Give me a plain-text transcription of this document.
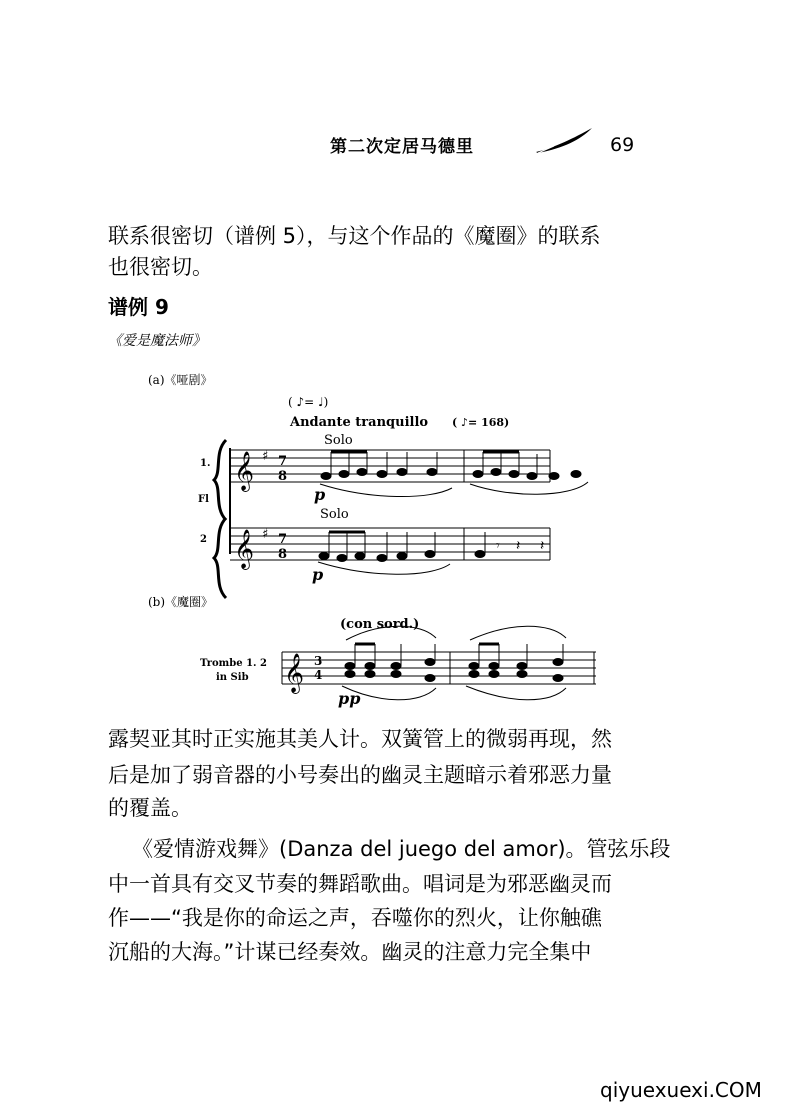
第二次定居马德里	69
联系很密切（谱例 5），与这个作品的《魔圈》的联系
也很密切。
谱例 9
《爱是魔法师》
(a)《哑剧》
( ♪= ♩)
Andante tranquillo ( ♪= 168)
Solo
Solo
1.
Fl
2
𝄞 ♯ 7
8
p
𝄞 ♯ 7
8
𝄾 𝄽 𝄽
p
(b)《魔圈》
(con sord.)
Trombe 1. 2
in Sib 𝄞 3
4
pp
露契亚其时正实施其美人计。双簧管上的微弱再现，然
后是加了弱音器的小号奏出的幽灵主题暗示着邪恶力量
的覆盖。
《爱情游戏舞》(Danza del juego del amor)。管弦乐段
中一首具有交叉节奏的舞蹈歌曲。唱词是为邪恶幽灵而
作——“我是你的命运之声，吞噬你的烈火，让你触礁
沉船的大海。”计谋已经奏效。幽灵的注意力完全集中
qiyuexuexi.COM
